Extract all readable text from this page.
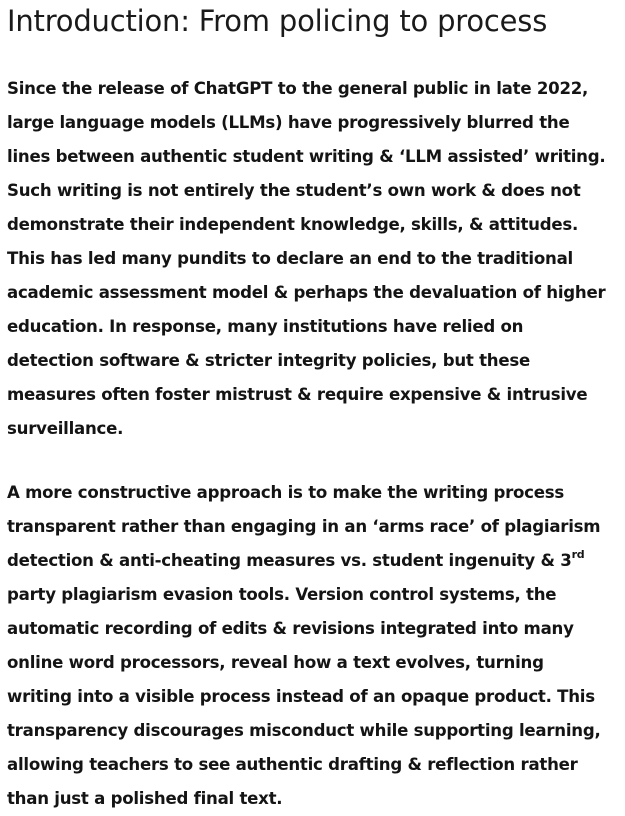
Introduction: From policing to process

Since the release of ChatGPT to the general public in late 2022,
large language models (LLMs) have progressively blurred the
lines between authentic student writing & ‘LLM assisted’ writing.
Such writing is not entirely the student’s own work & does not
demonstrate their independent knowledge, skills, & attitudes.
This has led many pundits to declare an end to the traditional
academic assessment model & perhaps the devaluation of higher
education. In response, many institutions have relied on
detection software & stricter integrity policies, but these
measures often foster mistrust & require expensive & intrusive
surveillance.

A more constructive approach is to make the writing process
transparent rather than engaging in an ‘arms race’ of plagiarism
detection & anti-cheating measures vs. student ingenuity & 3rd
party plagiarism evasion tools. Version control systems, the
automatic recording of edits & revisions integrated into many
online word processors, reveal how a text evolves, turning
writing into a visible process instead of an opaque product. This
transparency discourages misconduct while supporting learning,
allowing teachers to see authentic drafting & reflection rather
than just a polished final text.
